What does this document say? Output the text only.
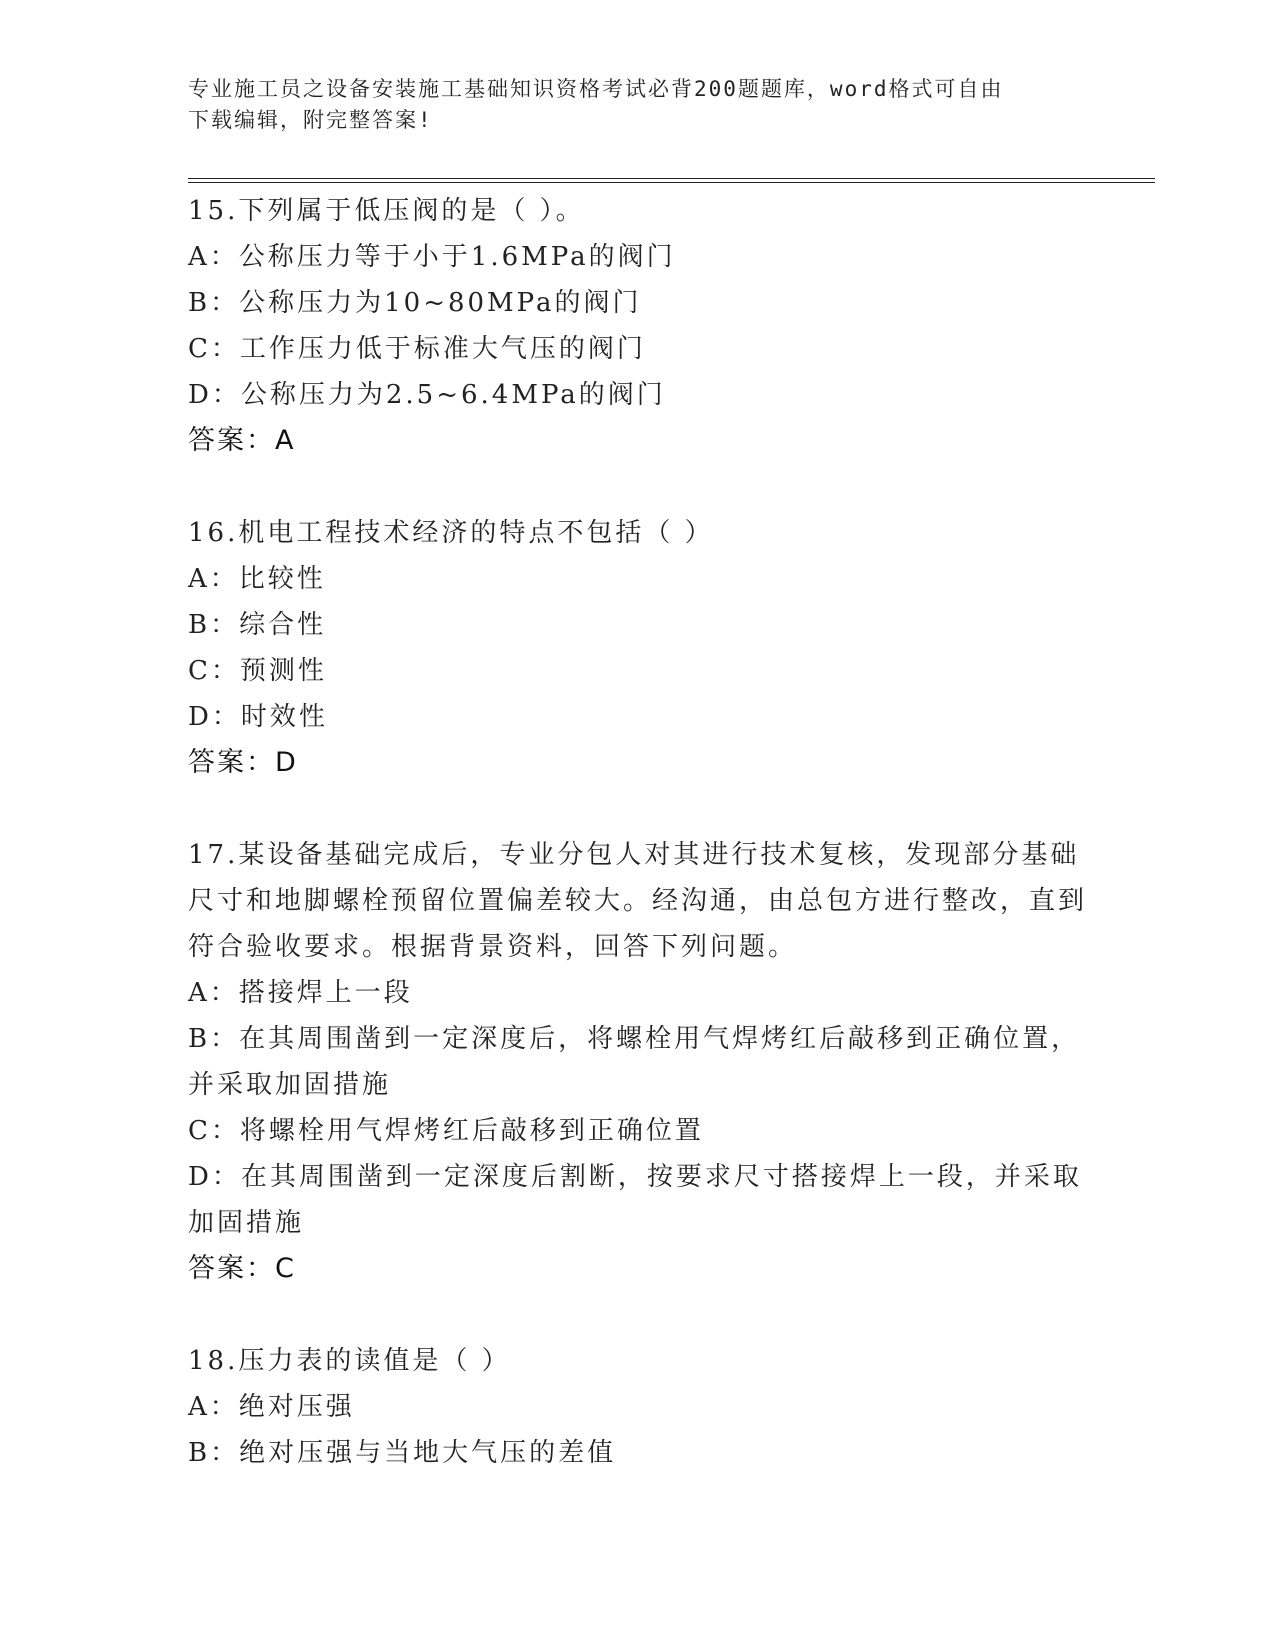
专业施工员之设备安装施工基础知识资格考试必背200题题库，word格式可自由
下载编辑，附完整答案!
15.下列属于低压阀的是（ ）。
A：公称压力等于小于1.6MPa的阀门
B：公称压力为10~80MPa的阀门
C：工作压力低于标准大气压的阀门
D：公称压力为2.5~6.4MPa的阀门
答案：A
16.机电工程技术经济的特点不包括（ ）
A：比较性
B：综合性
C：预测性
D：时效性
答案：D
17.某设备基础完成后，专业分包人对其进行技术复核，发现部分基础尺寸和地脚螺栓预留位置偏差较大。经沟通，由总包方进行整改，直到符合验收要求。根据背景资料，回答下列问题。
A：搭接焊上一段
B：在其周围凿到一定深度后，将螺栓用气焊烤红后敲移到正确位置，并采取加固措施
C：将螺栓用气焊烤红后敲移到正确位置
D：在其周围凿到一定深度后割断，按要求尺寸搭接焊上一段，并采取加固措施
答案：C
18.压力表的读值是（ ）
A：绝对压强
B：绝对压强与当地大气压的差值
